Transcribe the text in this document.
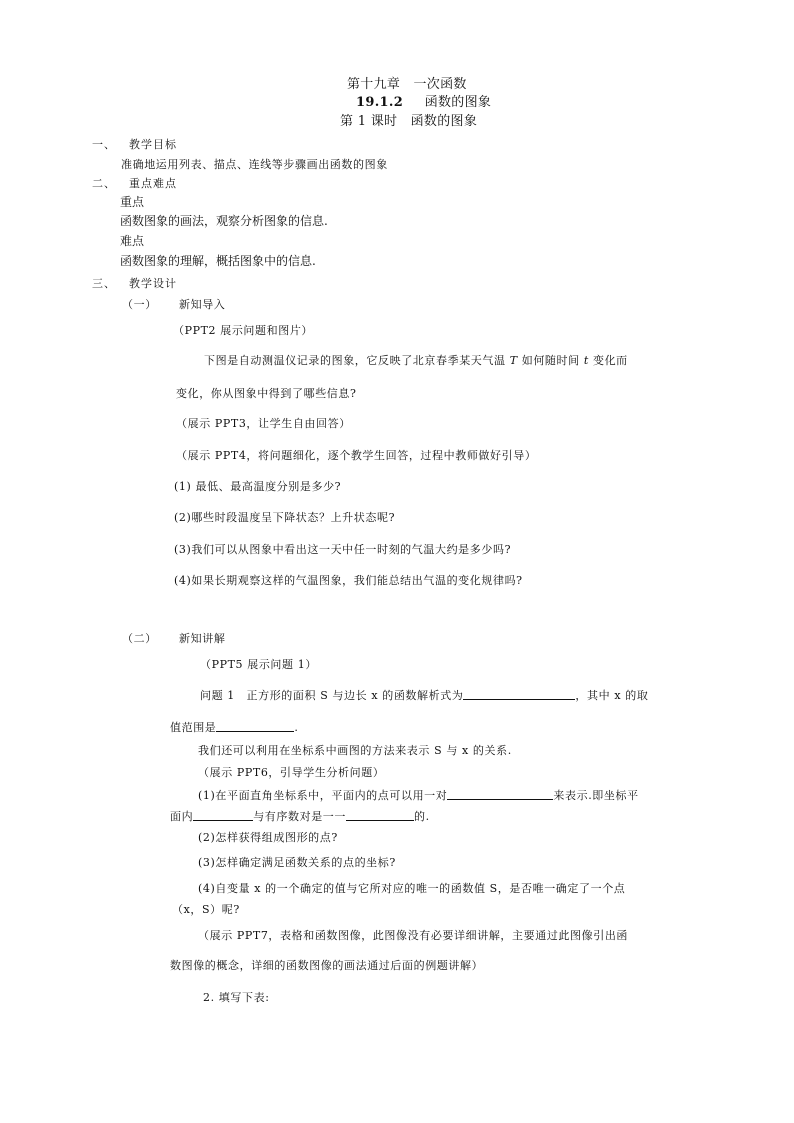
第十九章　一次函数
19.1.2 函数的图象
第 1 课时　函数的图象
一、 教学目标
准确地运用列表、描点、连线等步骤画出函数的图象
二、 重点难点
重点
函数图象的画法，观察分析图象的信息.
难点
函数图象的理解，概括图象中的信息.
三、 教学设计
（一） 新知导入
（PPT2 展示问题和图片）
下图是自动测温仪记录的图象，它反映了北京春季某天气温 T 如何随时间 t 变化而
变化，你从图象中得到了哪些信息?
（展示 PPT3，让学生自由回答）
（展示 PPT4，将问题细化，逐个教学生回答，过程中教师做好引导）
(1) 最低、最高温度分别是多少?
(2)哪些时段温度呈下降状态？上升状态呢?
(3)我们可以从图象中看出这一天中任一时刻的气温大约是多少吗?
(4)如果长期观察这样的气温图象，我们能总结出气温的变化规律吗?
（二） 新知讲解
（PPT5 展示问题 1）
问题 1　正方形的面积 S 与边长 x 的函数解析式为	，其中 x 的取
值范围是	.
我们还可以利用在坐标系中画图的方法来表示 S 与 x 的关系.
（展示 PPT6，引导学生分析问题）
(1)在平面直角坐标系中，平面内的点可以用一对	来表示.即坐标平
面内	与有序数对是一一	的.
(2)怎样获得组成图形的点?
(3)怎样确定满足函数关系的点的坐标?
(4)自变量 x 的一个确定的值与它所对应的唯一的函数值 S，是否唯一确定了一个点
（x，S）呢?
（展示 PPT7，表格和函数图像，此图像没有必要详细讲解，主要通过此图像引出函
数图像的概念，详细的函数图像的画法通过后面的例题讲解）
2. 填写下表:
